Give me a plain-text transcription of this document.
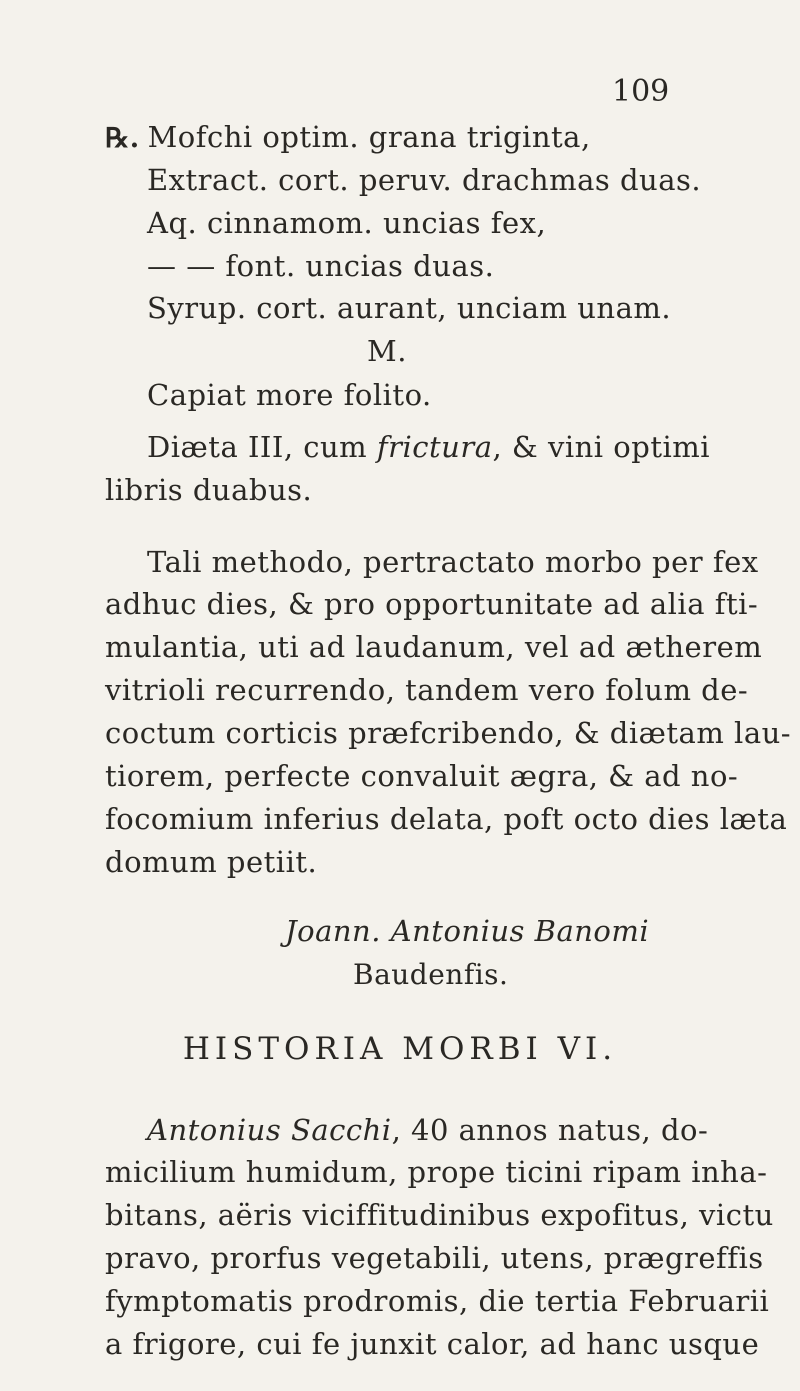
109
℞. Mofchi optim. grana triginta,
Extract. cort. peruv. drachmas duas.
Aq. cinnamom. uncias fex,
— — font. uncias duas.
Syrup. cort. aurant, unciam unam.
M.
Capiat more folito.
Diæta III, cum frictura, & vini optimi
libris duabus.
Tali methodo, pertractato morbo per fex
adhuc dies, & pro opportunitate ad alia fti-
mulantia, uti ad laudanum, vel ad ætherem
vitrioli recurrendo, tandem vero folum de-
coctum corticis præfcribendo, & diætam lau-
tiorem, perfecte convaluit ægra, & ad no-
focomium inferius delata, poft octo dies læta
domum petiit.
Joann. Antonius Banomi
Baudenfis.
HISTORIA MORBI VI.
Antonius Sacchi, 40 annos natus, do-
micilium humidum, prope ticini ripam inha-
bitans, aëris viciffitudinibus expofitus, victu
pravo, prorfus vegetabili, utens, prægreffis
fymptomatis prodromis, die tertia Februarii
a frigore, cui fe junxit calor, ad hanc usque
